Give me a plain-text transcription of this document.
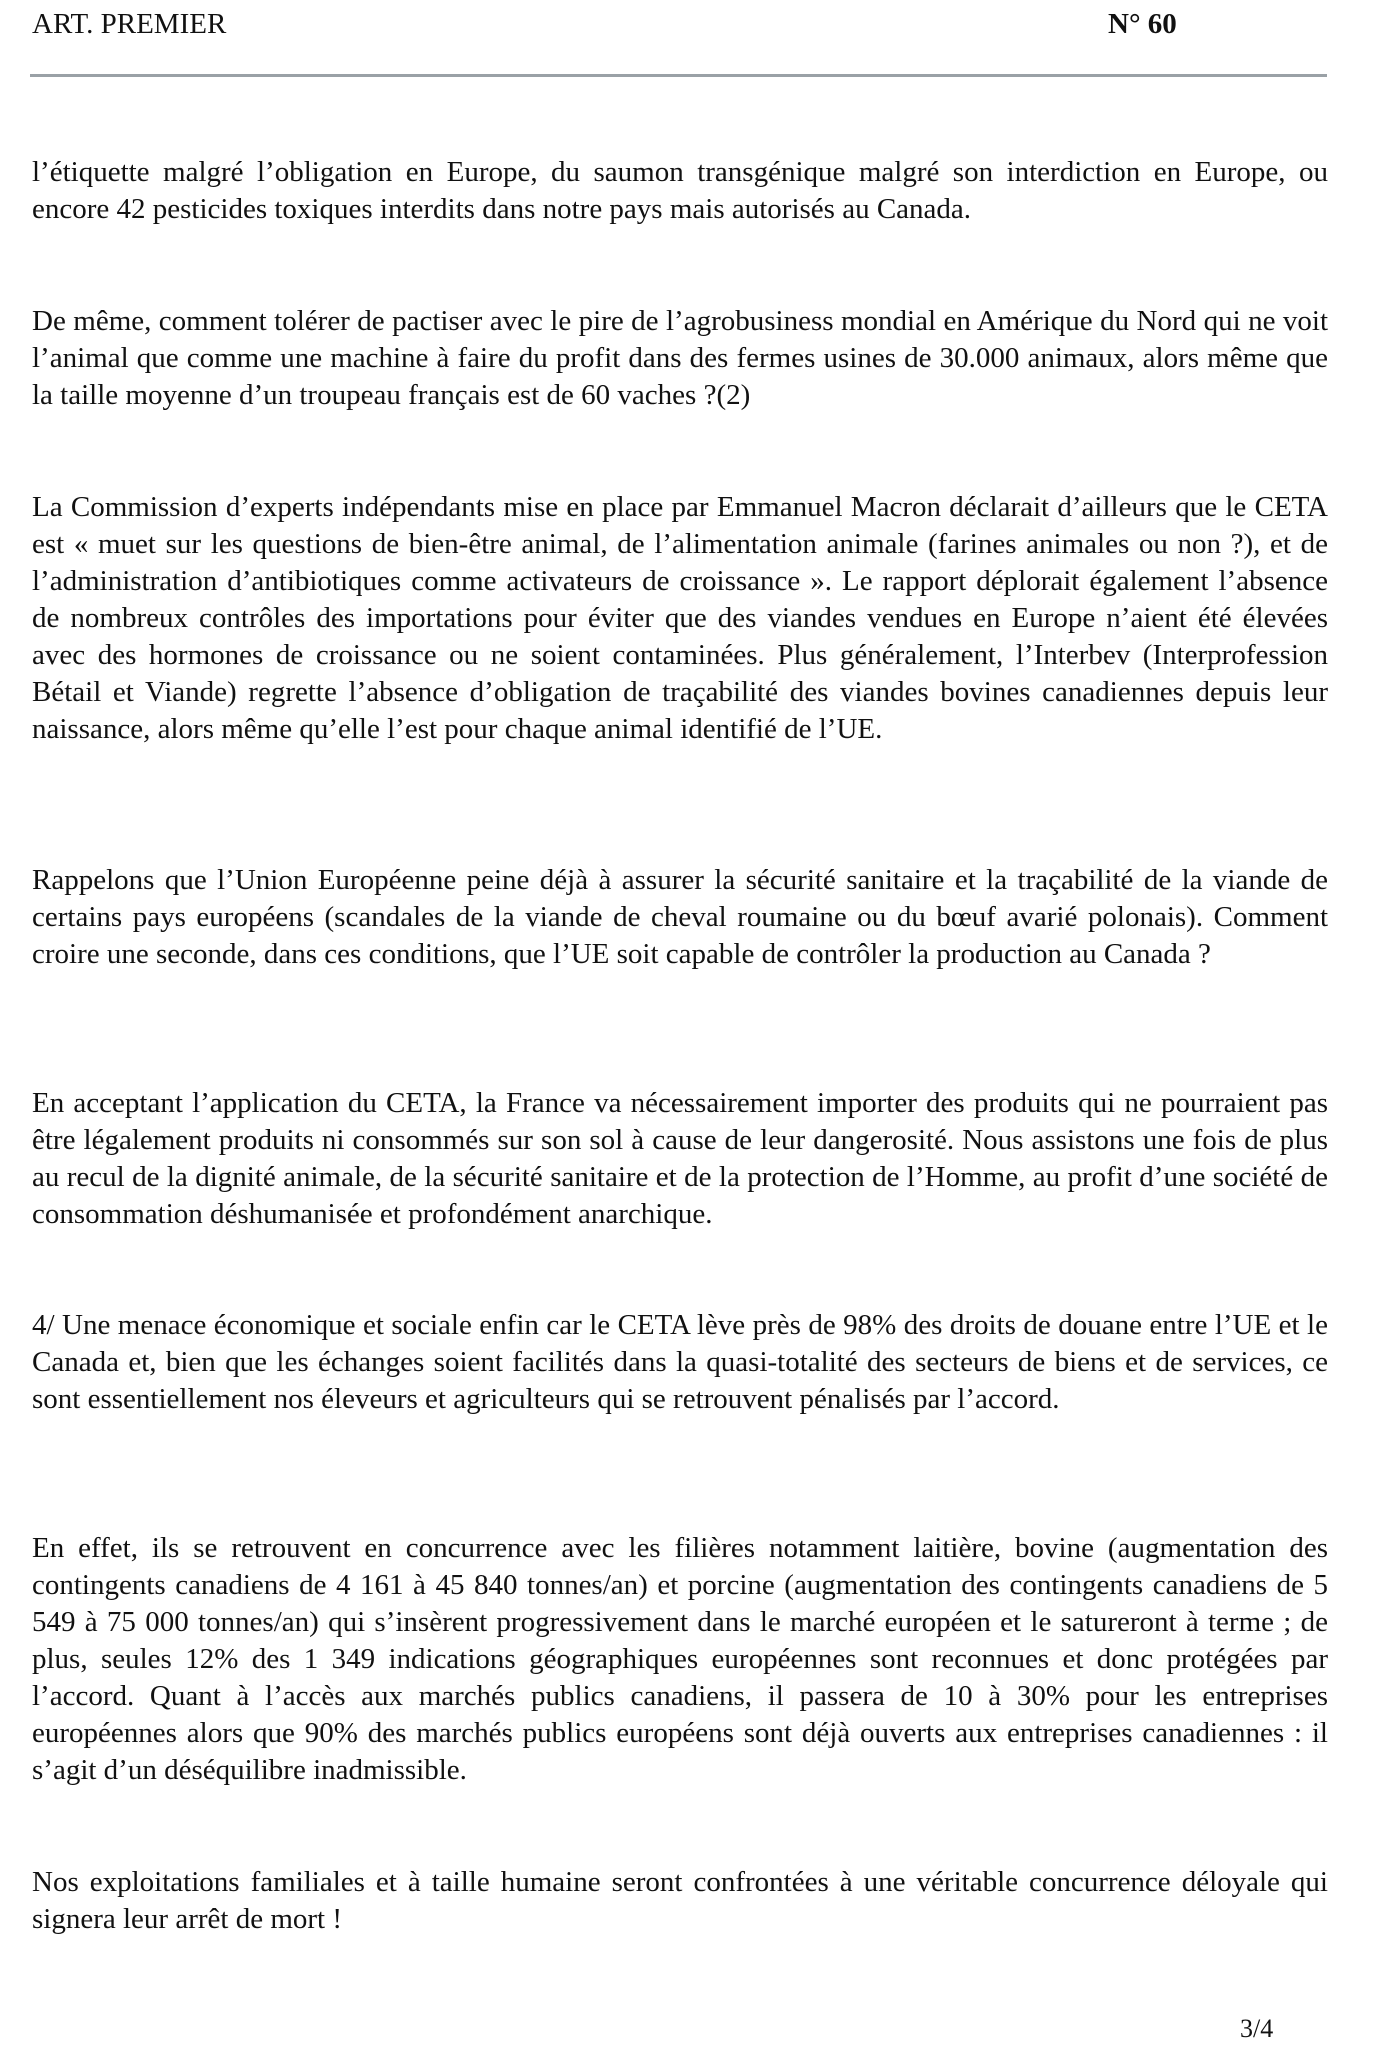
ART. PREMIER	N° 60

l’étiquette malgré l’obligation en Europe, du saumon transgénique malgré son interdiction en Europe, ou encore 42 pesticides toxiques interdits dans notre pays mais autorisés au Canada.

De même, comment tolérer de pactiser avec le pire de l’agrobusiness mondial en Amérique du Nord qui ne voit l’animal que comme une machine à faire du profit dans des fermes usines de 30.000 animaux, alors même que la taille moyenne d’un troupeau français est de 60 vaches ?(2)

La Commission d’experts indépendants mise en place par Emmanuel Macron déclarait d’ailleurs que le CETA est « muet sur les questions de bien-être animal, de l’alimentation animale (farines animales ou non ?), et de l’administration d’antibiotiques comme activateurs de croissance ». Le rapport déplorait également l’absence de nombreux contrôles des importations pour éviter que des viandes vendues en Europe n’aient été élevées avec des hormones de croissance ou ne soient contaminées. Plus généralement, l’Interbev (Interprofession Bétail et Viande) regrette l’absence d’obligation de traçabilité des viandes bovines canadiennes depuis leur naissance, alors même qu’elle l’est pour chaque animal identifié de l’UE.

Rappelons que l’Union Européenne peine déjà à assurer la sécurité sanitaire et la traçabilité de la viande de certains pays européens (scandales de la viande de cheval roumaine ou du bœuf avarié polonais). Comment croire une seconde, dans ces conditions, que l’UE soit capable de contrôler la production au Canada ?

En acceptant l’application du CETA, la France va nécessairement importer des produits qui ne pourraient pas être légalement produits ni consommés sur son sol à cause de leur dangerosité. Nous assistons une fois de plus au recul de la dignité animale, de la sécurité sanitaire et de la protection de l’Homme, au profit d’une société de consommation déshumanisée et profondément anarchique.

4/ Une menace économique et sociale enfin car le CETA lève près de 98% des droits de douane entre l’UE et le Canada et, bien que les échanges soient facilités dans la quasi-totalité des secteurs de biens et de services, ce sont essentiellement nos éleveurs et agriculteurs qui se retrouvent pénalisés par l’accord.

En effet, ils se retrouvent en concurrence avec les filières notamment laitière, bovine (augmentation des contingents canadiens de 4 161 à 45 840 tonnes/an) et porcine (augmentation des contingents canadiens de 5 549 à 75 000 tonnes/an) qui s’insèrent progressivement dans le marché européen et le satureront à terme ; de plus, seules 12% des 1 349 indications géographiques européennes sont reconnues et donc protégées par l’accord. Quant à l’accès aux marchés publics canadiens, il passera de 10 à 30% pour les entreprises européennes alors que 90% des marchés publics européens sont déjà ouverts aux entreprises canadiennes : il s’agit d’un déséquilibre inadmissible.

Nos exploitations familiales et à taille humaine seront confrontées à une véritable concurrence déloyale qui signera leur arrêt de mort !

3/4
